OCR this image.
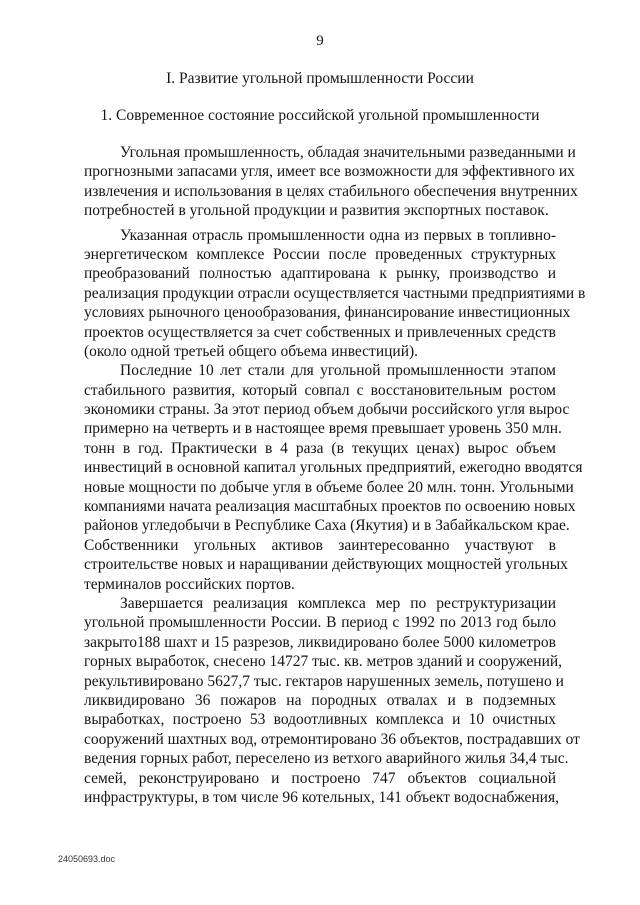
9
I. Развитие угольной промышленности России
1. Современное состояние российской угольной промышленности
Угольная промышленность, обладая значительными разведанными и
прогнозными запасами угля, имеет все возможности для эффективного их
извлечения и использования в целях стабильного обеспечения внутренних
потребностей в угольной продукции и развития экспортных поставок.
Указанная отрасль промышленности одна из первых в топливно-
энергетическом комплексе России после проведенных структурных
преобразований полностью адаптирована к рынку, производство и
реализация продукции отрасли осуществляется частными предприятиями в
условиях рыночного ценообразования, финансирование инвестиционных
проектов осуществляется за счет собственных и привлеченных средств
(около одной третьей общего объема инвестиций).
Последние 10 лет стали для угольной промышленности этапом
стабильного развития, который совпал с восстановительным ростом
экономики страны. За этот период объем добычи российского угля вырос
примерно на четверть и в настоящее время превышает уровень 350 млн.
тонн в год. Практически в 4 раза (в текущих ценах) вырос объем
инвестиций в основной капитал угольных предприятий, ежегодно вводятся
новые мощности по добыче угля в объеме более 20 млн. тонн. Угольными
компаниями начата реализация масштабных проектов по освоению новых
районов угледобычи в Республике Саха (Якутия) и в Забайкальском крае.
Собственники угольных активов заинтересованно участвуют в
строительстве новых и наращивании действующих мощностей угольных
терминалов российских портов.
Завершается реализация комплекса мер по реструктуризации
угольной промышленности России. В период с 1992 по 2013 год было
закрыто188 шахт и 15 разрезов, ликвидировано более 5000 километров
горных выработок, снесено 14727 тыс. кв. метров зданий и сооружений,
рекультивировано 5627,7 тыс. гектаров нарушенных земель, потушено и
ликвидировано 36 пожаров на породных отвалах и в подземных
выработках, построено 53 водоотливных комплекса и 10 очистных
сооружений шахтных вод, отремонтировано 36 объектов, пострадавших от
ведения горных работ, переселено из ветхого аварийного жилья 34,4 тыс.
семей, реконструировано и построено 747 объектов социальной
инфраструктуры, в том числе 96 котельных, 141 объект водоснабжения,
24050693.doc
